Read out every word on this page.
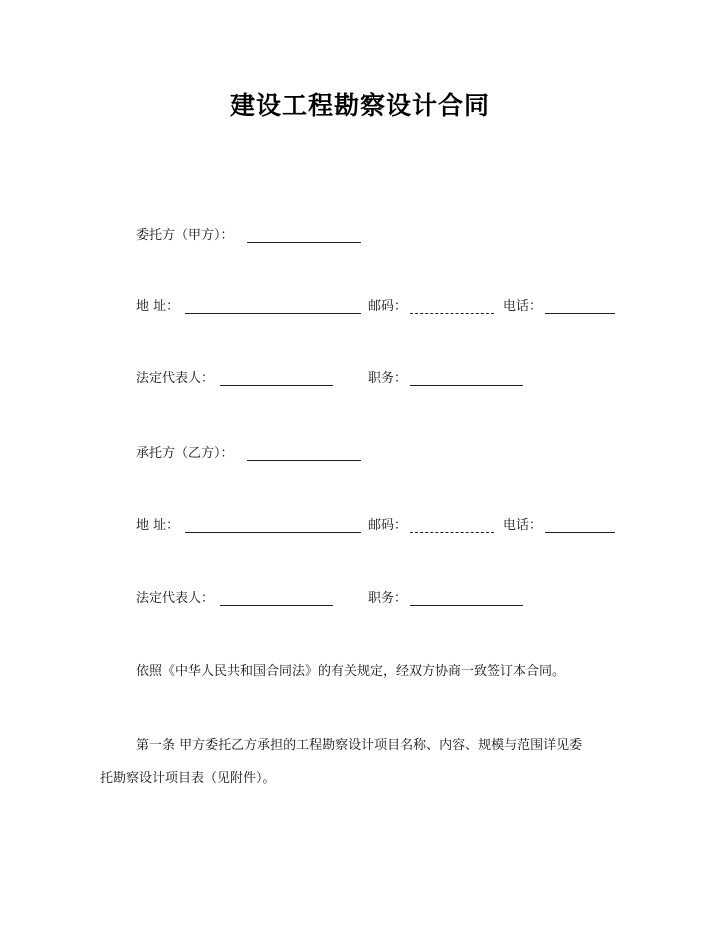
建设工程勘察设计合同
委托方（甲方）：
地 址：	邮码：	电话：
法定代表人：	职务：
承托方（乙方）：
地 址：	邮码：	电话：
法定代表人：	职务：
依照《中华人民共和国合同法》的有关规定，经双方协商一致签订本合同。
第一条 甲方委托乙方承担的工程勘察设计项目名称、内容、规模与范围详见委
托勘察设计项目表（见附件）。
